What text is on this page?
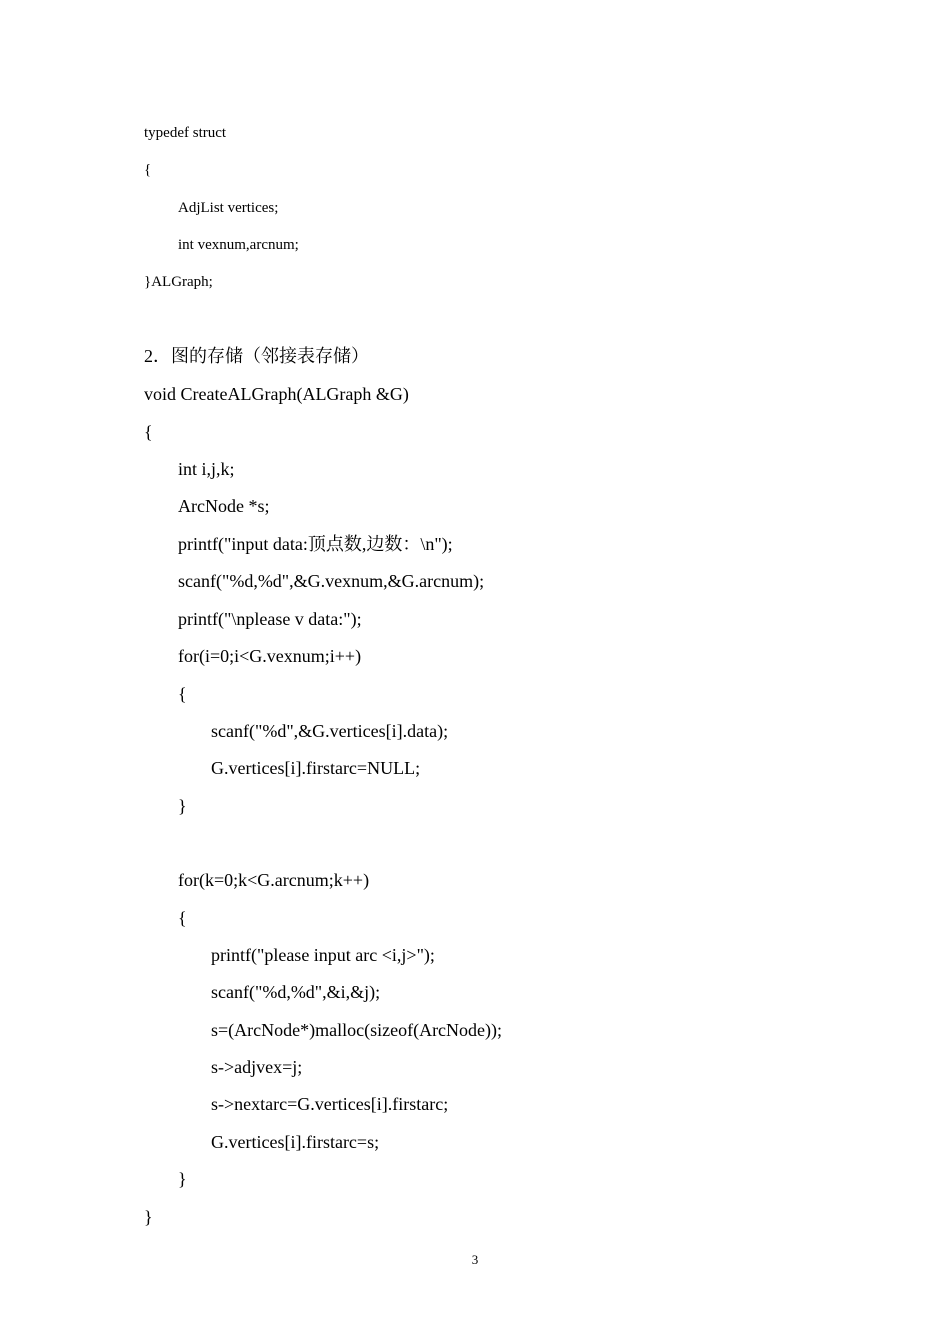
typedef struct
{
AdjList vertices;
int vexnum,arcnum;
}ALGraph;
2．图的存储（邻接表存储）
void CreateALGraph(ALGraph &G)
{
int i,j,k;
ArcNode *s;
printf("input data:顶点数,边数：\n");
scanf("%d,%d",&G.vexnum,&G.arcnum);
printf("\nplease v data:");
for(i=0;i<G.vexnum;i++)
{
scanf("%d",&G.vertices[i].data);
G.vertices[i].firstarc=NULL;
}
for(k=0;k<G.arcnum;k++)
{
printf("please input arc <i,j>");
scanf("%d,%d",&i,&j);
s=(ArcNode*)malloc(sizeof(ArcNode));
s->adjvex=j;
s->nextarc=G.vertices[i].firstarc;
G.vertices[i].firstarc=s;
}
}
3
